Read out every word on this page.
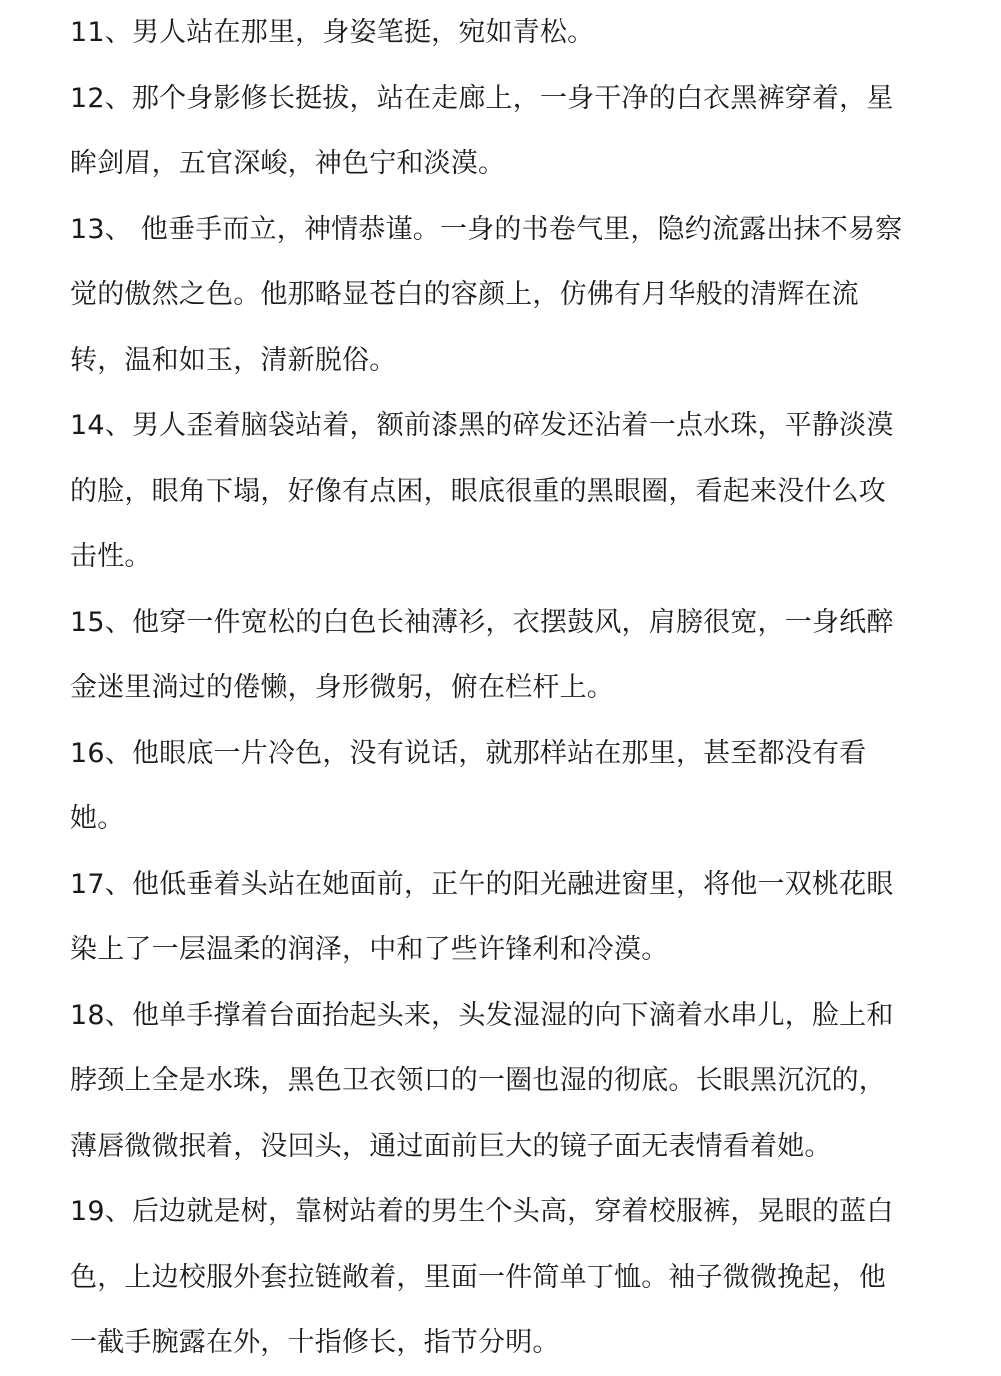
11、男人站在那里，身姿笔挺，宛如青松。

12、那个身影修长挺拔，站在走廊上，一身干净的白衣黑裤穿着，星
眸剑眉，五官深峻，神色宁和淡漠。

13、 他垂手而立，神情恭谨。一身的书卷气里，隐约流露出抹不易察
觉的傲然之色。他那略显苍白的容颜上，仿佛有月华般的清辉在流
转，温和如玉，清新脱俗。

14、男人歪着脑袋站着，额前漆黑的碎发还沾着一点水珠，平静淡漠
的脸，眼角下塌，好像有点困，眼底很重的黑眼圈，看起来没什么攻
击性。

15、他穿一件宽松的白色长袖薄衫，衣摆鼓风，肩膀很宽，一身纸醉
金迷里淌过的倦懒，身形微躬，俯在栏杆上。

16、他眼底一片冷色，没有说话，就那样站在那里，甚至都没有看
她。

17、他低垂着头站在她面前，正午的阳光融进窗里，将他一双桃花眼
染上了一层温柔的润泽，中和了些许锋利和冷漠。

18、他单手撑着台面抬起头来，头发湿湿的向下滴着水串儿，脸上和
脖颈上全是水珠，黑色卫衣领口的一圈也湿的彻底。长眼黑沉沉的，
薄唇微微抿着，没回头，通过面前巨大的镜子面无表情看着她。

19、后边就是树，靠树站着的男生个头高，穿着校服裤，晃眼的蓝白
色，上边校服外套拉链敞着，里面一件简单丁恤。袖子微微挽起，他
一截手腕露在外，十指修长，指节分明。
